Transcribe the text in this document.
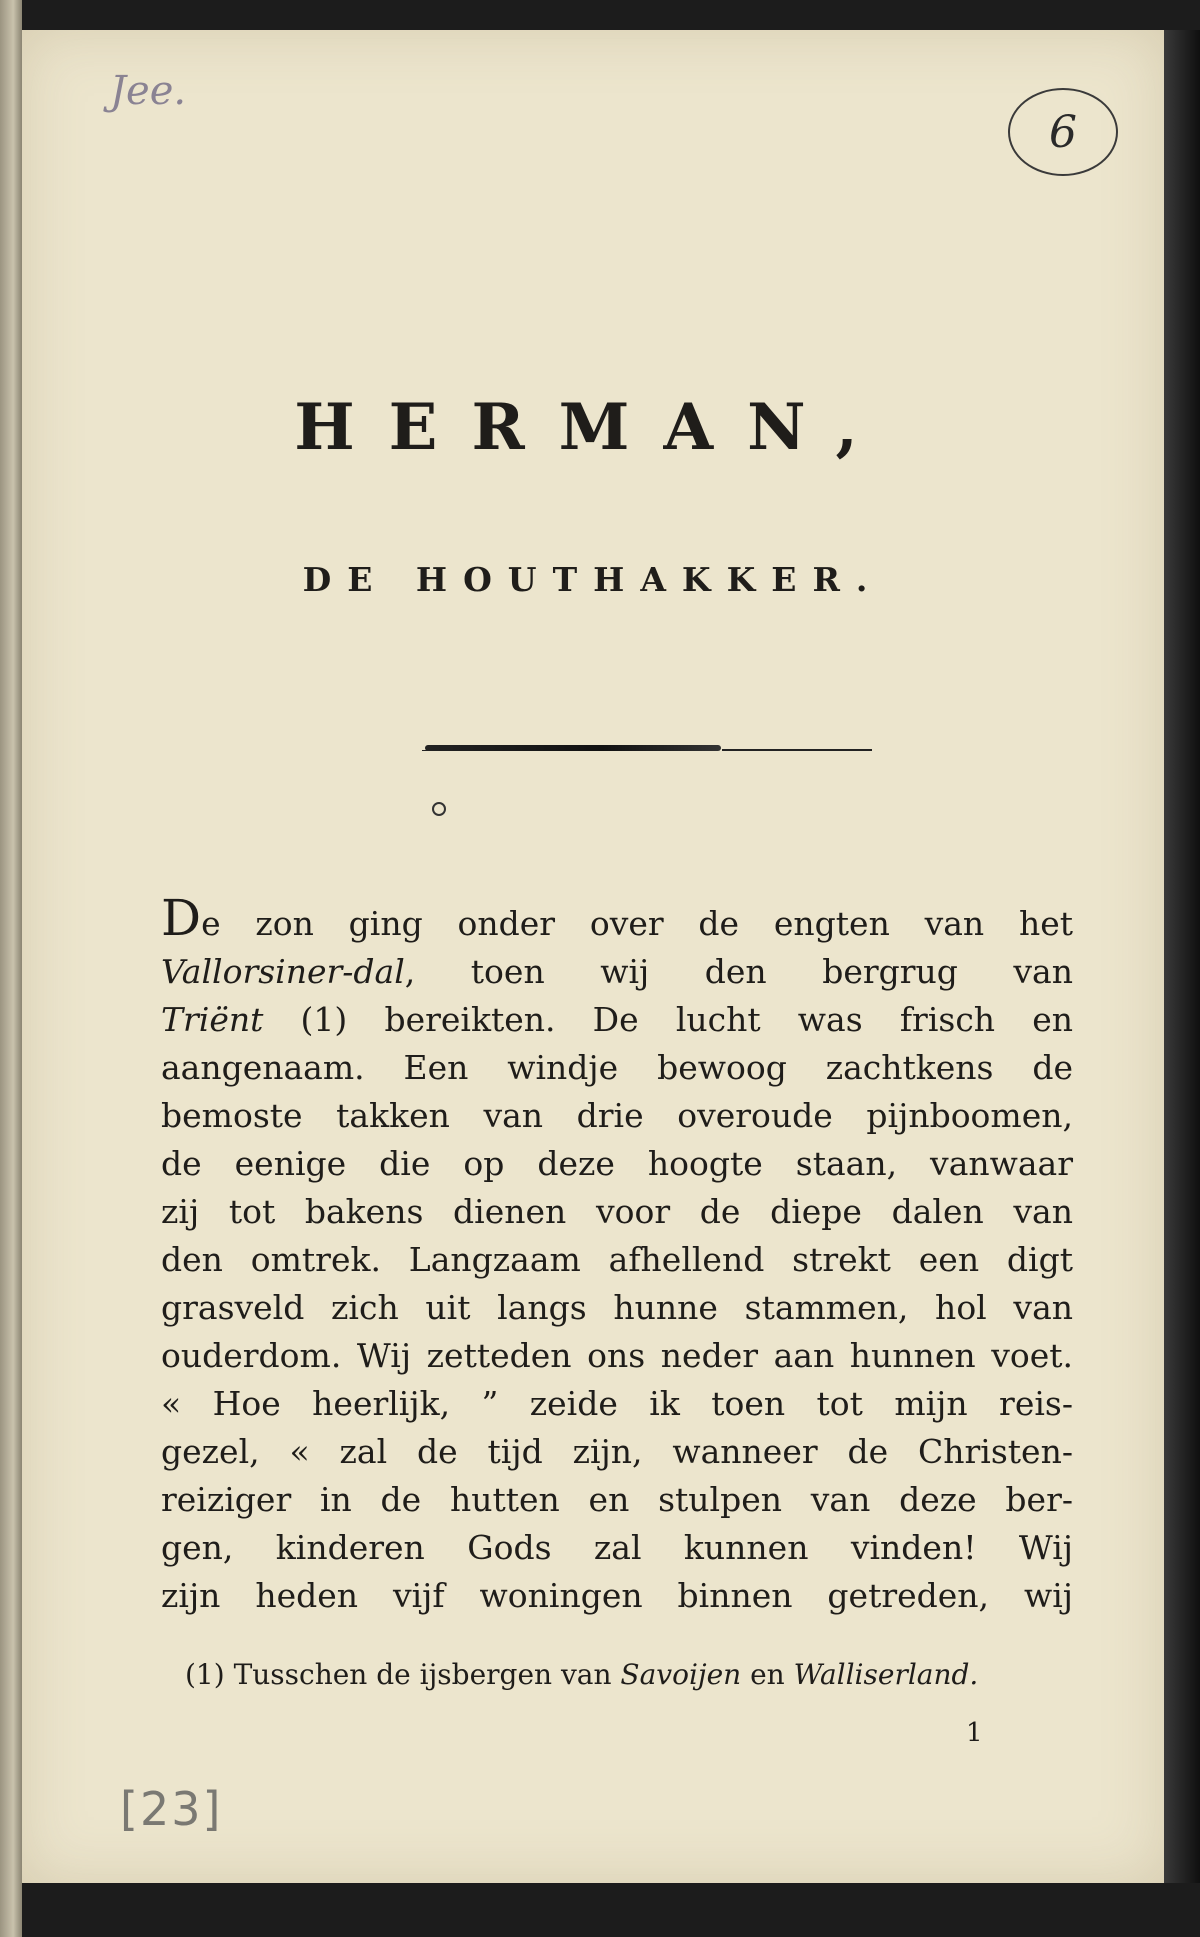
Jee.
6
HERMAN,
DE HOUTHAKKER.

De zon ging onder over de engten van het

Vallorsiner-dal, toen wij den bergrug van

Triënt (1) bereikten. De lucht was frisch en

aangenaam. Een windje bewoog zachtkens de

bemoste takken van drie overoude pijnboomen,

de eenige die op deze hoogte staan, vanwaar

zij tot bakens dienen voor de diepe dalen van

den omtrek. Langzaam afhellend strekt een digt

grasveld zich uit langs hunne stammen, hol van

ouderdom. Wij zetteden ons neder aan hunnen voet.

« Hoe heerlijk, ” zeide ik toen tot mijn reis-

gezel, « zal de tijd zijn, wanneer de Christen-

reiziger in de hutten en stulpen van deze ber-

gen, kinderen Gods zal kunnen vinden! Wij

zijn heden vijf woningen binnen getreden, wij

(1) Tusschen de ijsbergen van Savoijen en Walliserland.

1

[23]
